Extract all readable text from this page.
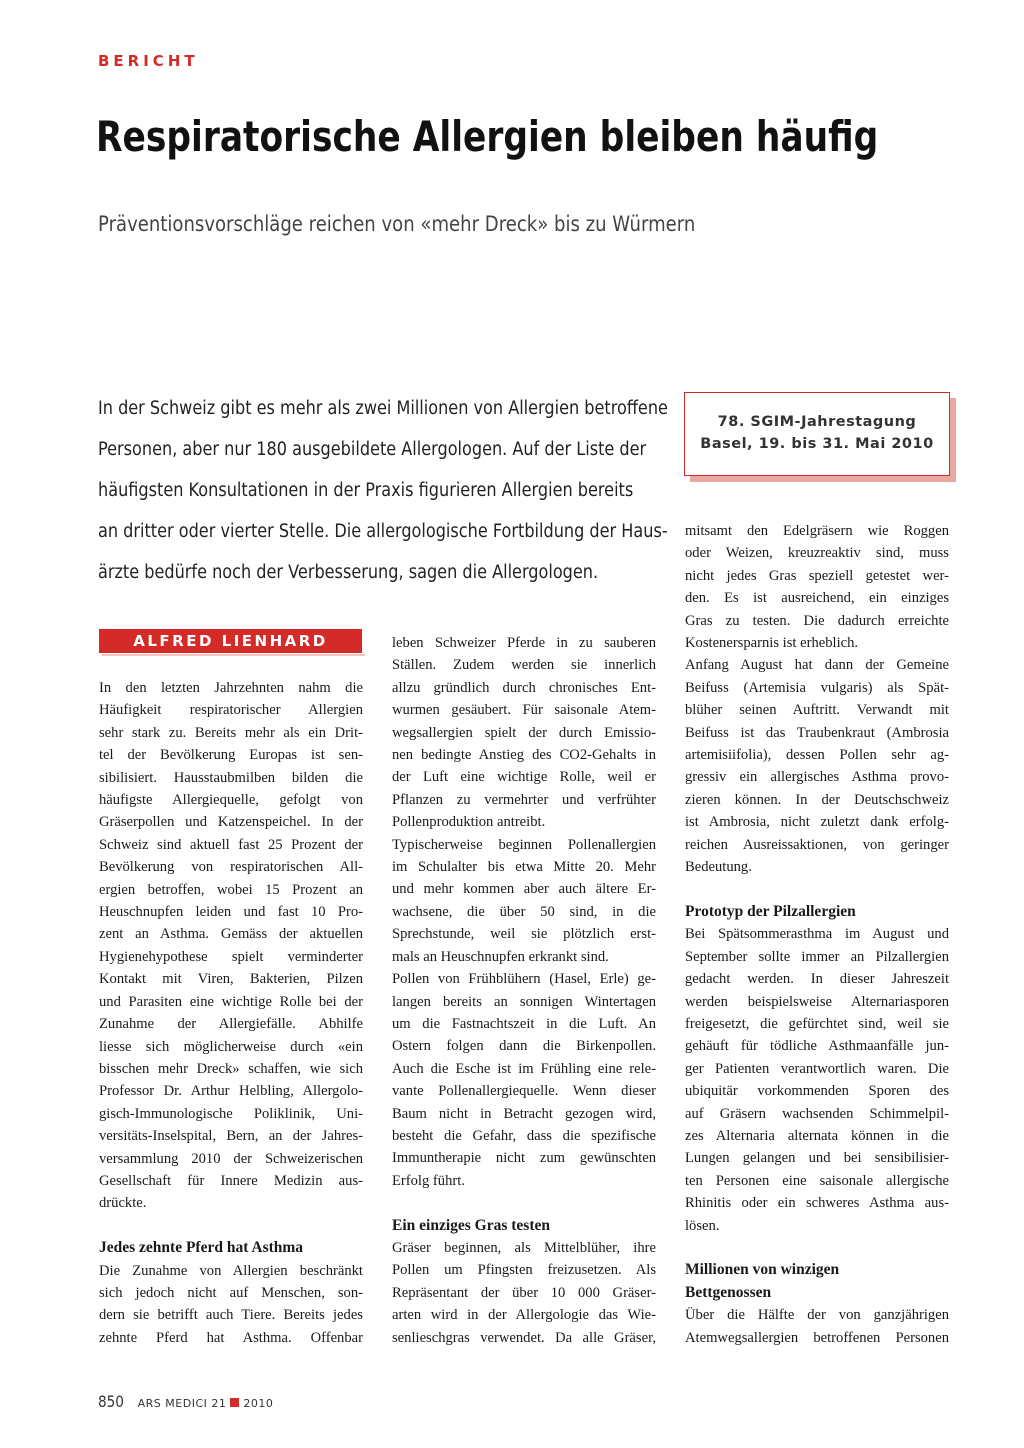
BERICHT
Respiratorische Allergien bleiben häufig
Präventionsvorschläge reichen von «mehr Dreck» bis zu Würmern

In der Schweiz gibt es mehr als zwei Millionen von Allergien betroffene

Personen, aber nur 180 ausgebildete Allergologen. Auf der Liste der

häufigsten Konsultationen in der Praxis figurieren Allergien bereits

an dritter oder vierter Stelle. Die allergologische Fortbildung der Haus-

ärzte bedürfe noch der Verbesserung, sagen die Allergologen.

78. SGIM-Jahrestagung
Basel, 19. bis 31. Mai 2010
ALFRED LIENHARD

In den letzten Jahrzehnten nahm die

Häufigkeit respiratorischer Allergien

sehr stark zu. Bereits mehr als ein Drit-

tel der Bevölkerung Europas ist sen-

sibilisiert. Hausstaubmilben bilden die

häufigste Allergiequelle, gefolgt von

Gräserpollen und Katzenspeichel. In der

Schweiz sind aktuell fast 25 Prozent der

Bevölkerung von respiratorischen All-

ergien betroffen, wobei 15 Prozent an

Heuschnupfen leiden und fast 10 Pro-

zent an Asthma. Gemäss der aktuellen

Hygienehypothese spielt verminderter

Kontakt mit Viren, Bakterien, Pilzen

und Parasiten eine wichtige Rolle bei der

Zunahme der Allergiefälle. Abhilfe

liesse sich möglicherweise durch «ein

bisschen mehr Dreck» schaffen, wie sich

Professor Dr. Arthur Helbling, Allergolo-

gisch-Immunologische Poliklinik, Uni-

versitäts-Inselspital, Bern, an der Jahres-

versammlung 2010 der Schweizerischen

Gesellschaft für Innere Medizin aus-

drückte.

Jedes zehnte Pferd hat Asthma

Die Zunahme von Allergien beschränkt

sich jedoch nicht auf Menschen, son-

dern sie betrifft auch Tiere. Bereits jedes

zehnte Pferd hat Asthma. Offenbar

leben Schweizer Pferde in zu sauberen

Ställen. Zudem werden sie innerlich

allzu gründlich durch chronisches Ent-

wurmen gesäubert. Für saisonale Atem-

wegsallergien spielt der durch Emissio-

nen bedingte Anstieg des CO2-Gehalts in

der Luft eine wichtige Rolle, weil er

Pflanzen zu vermehrter und verfrühter

Pollenproduktion antreibt.

Typischerweise beginnen Pollenallergien

im Schulalter bis etwa Mitte 20. Mehr

und mehr kommen aber auch ältere Er-

wachsene, die über 50 sind, in die

Sprechstunde, weil sie plötzlich erst-

mals an Heuschnupfen erkrankt sind.

Pollen von Frühblühern (Hasel, Erle) ge-

langen bereits an sonnigen Wintertagen

um die Fastnachtszeit in die Luft. An

Ostern folgen dann die Birkenpollen.

Auch die Esche ist im Frühling eine rele-

vante Pollenallergiequelle. Wenn dieser

Baum nicht in Betracht gezogen wird,

besteht die Gefahr, dass die spezifische

Immuntherapie nicht zum gewünschten

Erfolg führt.

Ein einziges Gras testen

Gräser beginnen, als Mittelblüher, ihre

Pollen um Pfingsten freizusetzen. Als

Repräsentant der über 10 000 Gräser-

arten wird in der Allergologie das Wie-

senlieschgras verwendet. Da alle Gräser,

mitsamt den Edelgräsern wie Roggen

oder Weizen, kreuzreaktiv sind, muss

nicht jedes Gras speziell getestet wer-

den. Es ist ausreichend, ein einziges

Gras zu testen. Die dadurch erreichte

Kostenersparnis ist erheblich.

Anfang August hat dann der Gemeine

Beifuss (Artemisia vulgaris) als Spät-

blüher seinen Auftritt. Verwandt mit

Beifuss ist das Traubenkraut (Ambrosia

artemisiifolia), dessen Pollen sehr ag-

gressiv ein allergisches Asthma provo-

zieren können. In der Deutschschweiz

ist Ambrosia, nicht zuletzt dank erfolg-

reichen Ausreissaktionen, von geringer

Bedeutung.

Prototyp der Pilzallergien

Bei Spätsommerasthma im August und

September sollte immer an Pilzallergien

gedacht werden. In dieser Jahreszeit

werden beispielsweise Alternariasporen

freigesetzt, die gefürchtet sind, weil sie

gehäuft für tödliche Asthmaanfälle jun-

ger Patienten verantwortlich waren. Die

ubiquitär vorkommenden Sporen des

auf Gräsern wachsenden Schimmelpil-

zes Alternaria alternata können in die

Lungen gelangen und bei sensibilisier-

ten Personen eine saisonale allergische

Rhinitis oder ein schweres Asthma aus-

lösen.

Millionen von winzigen
Bettgenossen

Über die Hälfte der von ganzjährigen

Atemwegsallergien betroffenen Personen

850 ARS MEDICI 21 2010
